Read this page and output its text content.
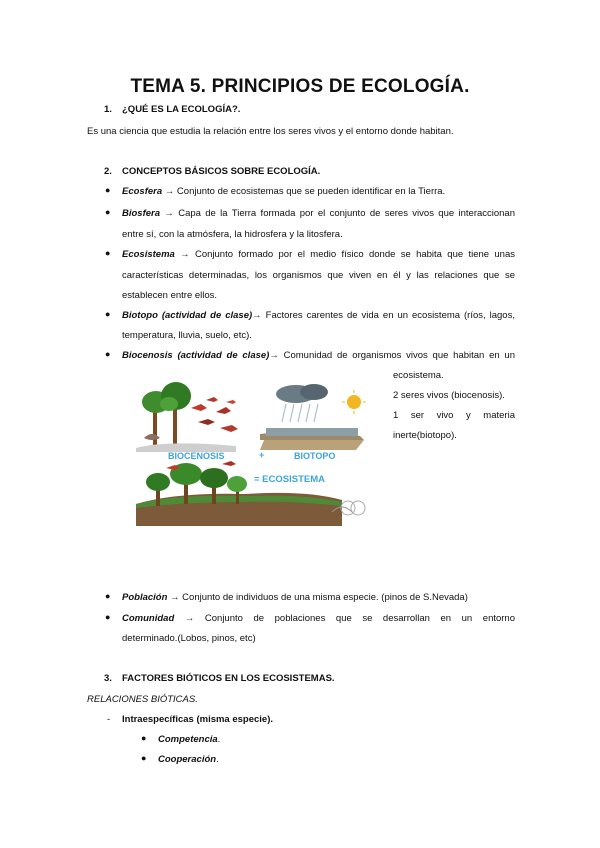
TEMA 5. PRINCIPIOS DE ECOLOGÍA.
1. ¿QUÉ ES LA ECOLOGÍA?.
Es una ciencia que estudia la relación entre los seres vivos y el entorno donde habitan.
2. CONCEPTOS BÁSICOS SOBRE ECOLOGÍA.
● Ecosfera → Conjunto de ecosistemas que se pueden identificar en la Tierra.
● Biosfera → Capa de la Tierra formada por el conjunto de seres vivos que interaccionan
entre sí, con la atmósfera, la hidrosfera y la litosfera.
● Ecosistema → Conjunto formado por el medio físico donde se habita que tiene unas
características determinadas, los organismos que viven en él y las relaciones que se
establecen entre ellos.
● Biotopo (actividad de clase)→ Factores carentes de vida en un ecosistema (ríos, lagos,
temperatura, lluvia, suelo, etc).
● Biocenosis (actividad de clase)→ Comunidad de organismos vivos que habitan en un
ecosistema.
2 seres vivos (biocenosis).
1 ser vivo y materia
inerte(biotopo).
BIOCENOSIS	+	BIOTOPO
= ECOSISTEMA
● Población → Conjunto de individuos de una misma especie. (pinos de S.Nevada)
● Comunidad → Conjunto de poblaciones que se desarrollan en un entorno
determinado.(Lobos, pinos, etc)
3. FACTORES BIÓTICOS EN LOS ECOSISTEMAS.
RELACIONES BIÓTICAS.
- Intraespecíficas (misma especie).
● Competencia.
● Cooperación.
